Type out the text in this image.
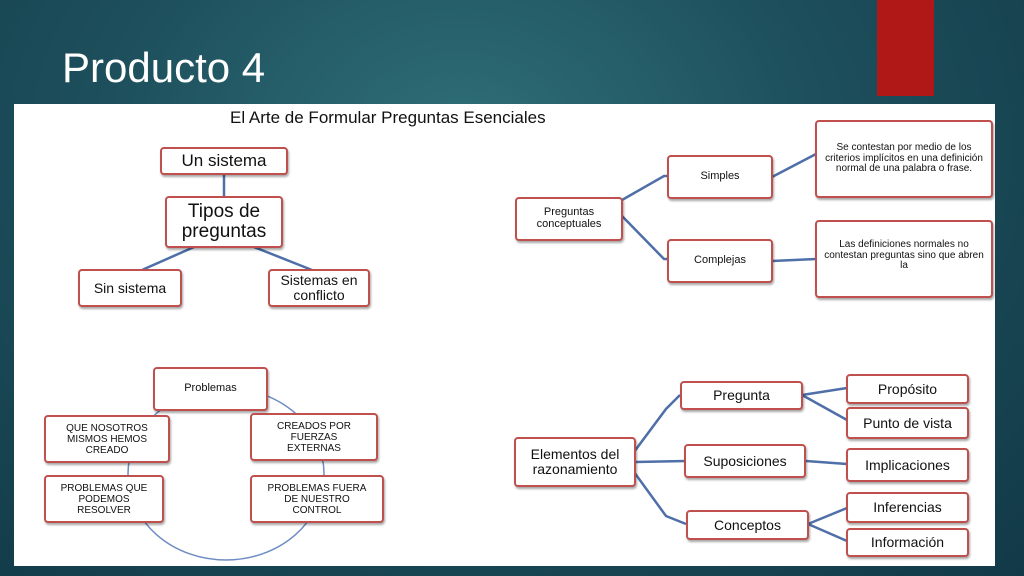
Producto 4
El Arte de Formular Preguntas Esenciales
Un sistema
Tipos de preguntas
Sin sistema	Sistemas en conflicto
Preguntas conceptuales
Simples
Complejas
Se contestan por medio de los criterios implícitos en una definición normal de una palabra o frase.
Las definiciones normales no contestan preguntas sino que abren la
Problemas
QUE NOSOTROS MISMOS HEMOS CREADO
CREADOS POR FUERZAS EXTERNAS
PROBLEMAS QUE PODEMOS RESOLVER
PROBLEMAS FUERA DE NUESTRO CONTROL
Elementos del razonamiento
Pregunta
Suposiciones
Conceptos
Propósito
Punto de vista
Implicaciones
Inferencias
Información
